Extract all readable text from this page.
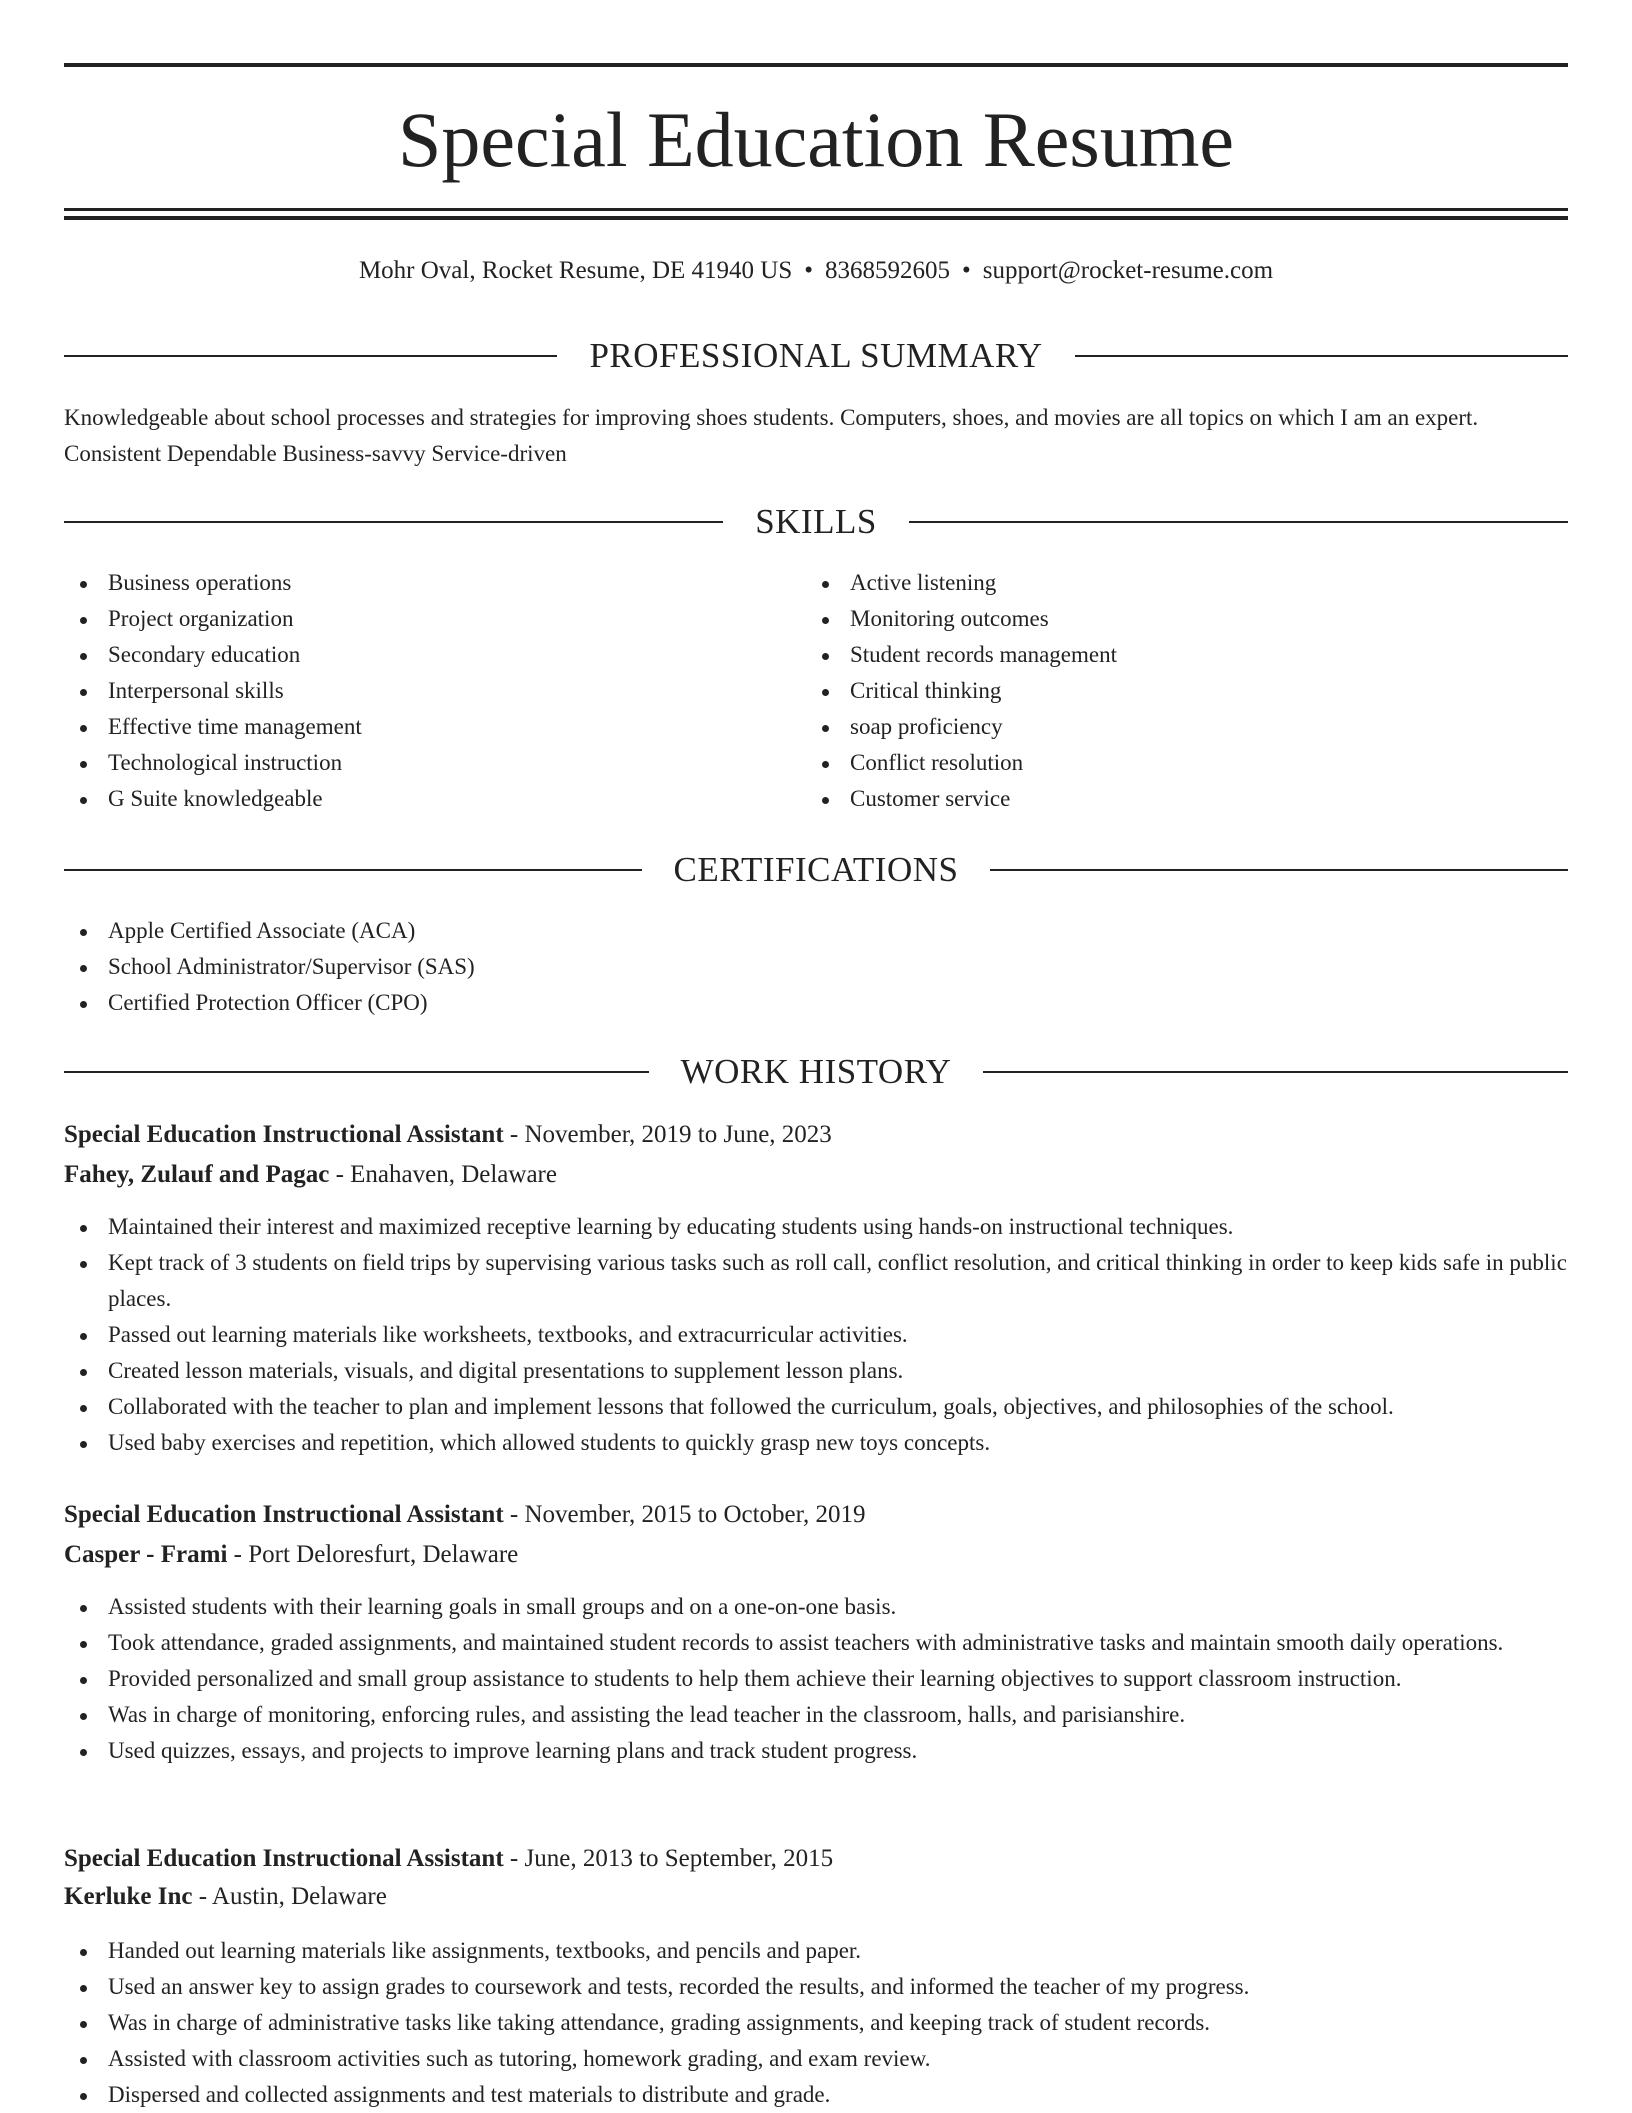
Special Education Resume
Mohr Oval, Rocket Resume, DE 41940 US • 8368592605 • support@rocket-resume.com
PROFESSIONAL SUMMARY
Knowledgeable about school processes and strategies for improving shoes students. Computers, shoes, and movies are all topics on which I am an expert. Consistent Dependable Business-savvy Service-driven
SKILLS
Business operations
Project organization
Secondary education
Interpersonal skills
Effective time management
Technological instruction
G Suite knowledgeable
Active listening
Monitoring outcomes
Student records management
Critical thinking
soap proficiency
Conflict resolution
Customer service
CERTIFICATIONS
Apple Certified Associate (ACA)
School Administrator/Supervisor (SAS)
Certified Protection Officer (CPO)
WORK HISTORY
Special Education Instructional Assistant - November, 2019 to June, 2023
Fahey, Zulauf and Pagac - Enahaven, Delaware
Maintained their interest and maximized receptive learning by educating students using hands-on instructional techniques.
Kept track of 3 students on field trips by supervising various tasks such as roll call, conflict resolution, and critical thinking in order to keep kids safe in public places.
Passed out learning materials like worksheets, textbooks, and extracurricular activities.
Created lesson materials, visuals, and digital presentations to supplement lesson plans.
Collaborated with the teacher to plan and implement lessons that followed the curriculum, goals, objectives, and philosophies of the school.
Used baby exercises and repetition, which allowed students to quickly grasp new toys concepts.
Special Education Instructional Assistant - November, 2015 to October, 2019
Casper - Frami - Port Deloresfurt, Delaware
Assisted students with their learning goals in small groups and on a one-on-one basis.
Took attendance, graded assignments, and maintained student records to assist teachers with administrative tasks and maintain smooth daily operations.
Provided personalized and small group assistance to students to help them achieve their learning objectives to support classroom instruction.
Was in charge of monitoring, enforcing rules, and assisting the lead teacher in the classroom, halls, and parisianshire.
Used quizzes, essays, and projects to improve learning plans and track student progress.
Special Education Instructional Assistant - June, 2013 to September, 2015
Kerluke Inc - Austin, Delaware
Handed out learning materials like assignments, textbooks, and pencils and paper.
Used an answer key to assign grades to coursework and tests, recorded the results, and informed the teacher of my progress.
Was in charge of administrative tasks like taking attendance, grading assignments, and keeping track of student records.
Assisted with classroom activities such as tutoring, homework grading, and exam review.
Dispersed and collected assignments and test materials to distribute and grade.
